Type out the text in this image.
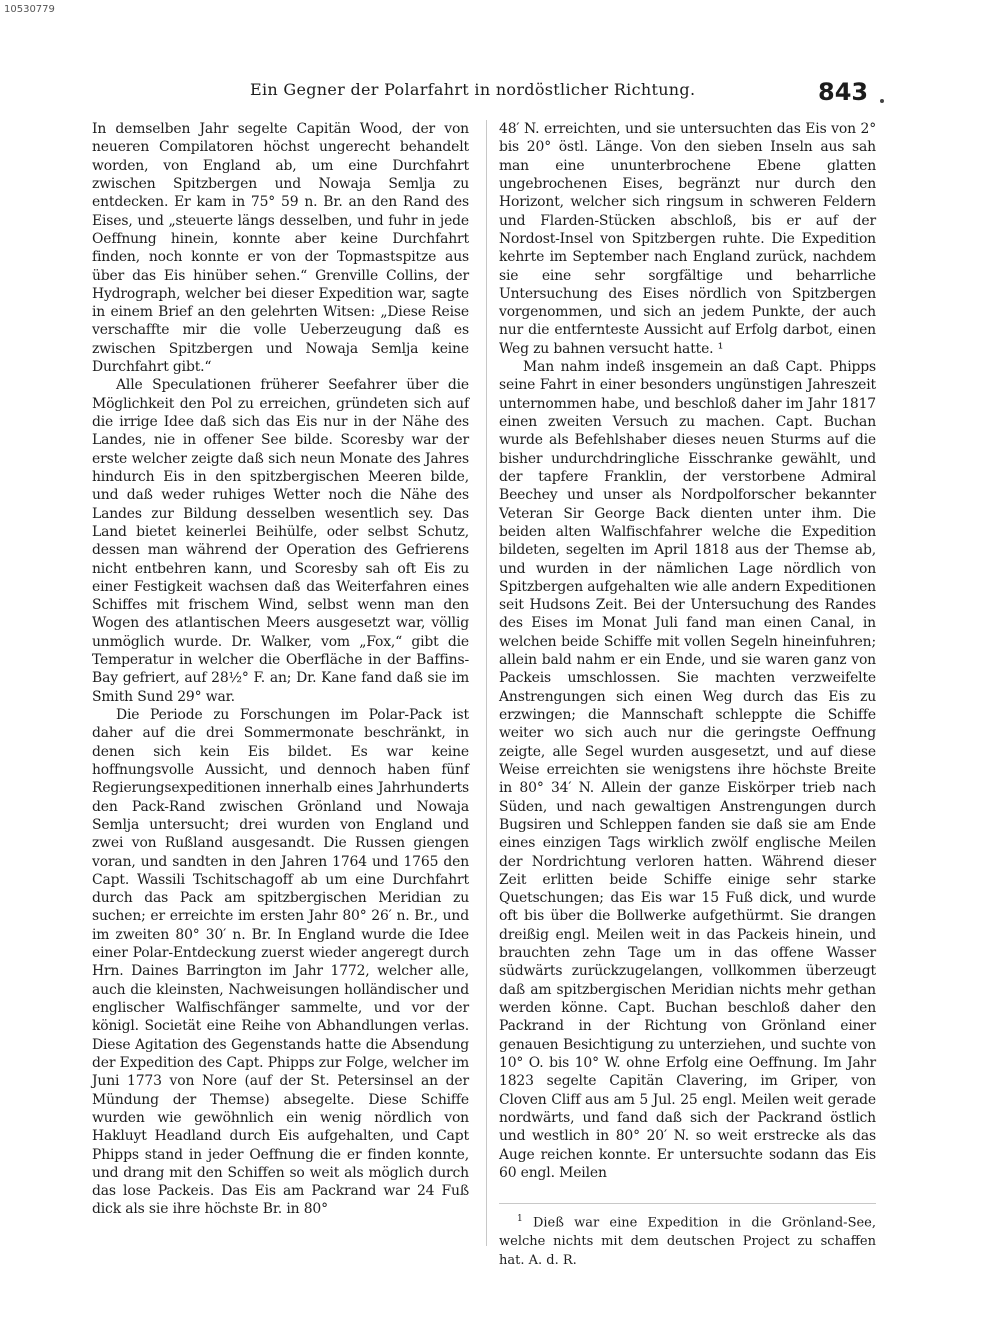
10530779
Ein Gegner der Polarfahrt in nordöstlicher Richtung.	843

In demselben Jahr segelte Capitän Wood, der von neueren Compilatoren höchst ungerecht behandelt worden, von England ab, um eine Durchfahrt zwischen Spitzbergen und Nowaja Semlja zu entdecken. Er kam in 75° 59 n. Br. an den Rand des Eises, und „steuerte längs desselben, und fuhr in jede Oeffnung hinein, konnte aber keine Durchfahrt finden, noch konnte er von der Topmastspitze aus über das Eis hinüber sehen.“ Grenville Collins, der Hydrograph, welcher bei dieser Expedition war, sagte in einem Brief an den gelehrten Witsen: „Diese Reise verschaffte mir die volle Ueberzeugung daß es zwischen Spitzbergen und Nowaja Semlja keine Durchfahrt gibt.“

Alle Speculationen früherer Seefahrer über die Möglichkeit den Pol zu erreichen, gründeten sich auf die irrige Idee daß sich das Eis nur in der Nähe des Landes, nie in offener See bilde. Scoresby war der erste welcher zeigte daß sich neun Monate des Jahres hindurch Eis in den spitzbergischen Meeren bilde, und daß weder ruhiges Wetter noch die Nähe des Landes zur Bildung desselben wesentlich sey. Das Land bietet keinerlei Beihülfe, oder selbst Schutz, dessen man während der Operation des Gefrierens nicht entbehren kann, und Scoresby sah oft Eis zu einer Festigkeit wachsen daß das Weiterfahren eines Schiffes mit frischem Wind, selbst wenn man den Wogen des atlantischen Meers ausgesetzt war, völlig unmöglich wurde. Dr. Walker, vom „Fox,“ gibt die Temperatur in welcher die Oberfläche in der Baffins-Bay gefriert, auf 28½° F. an; Dr. Kane fand daß sie im Smith Sund 29° war.

Die Periode zu Forschungen im Polar-Pack ist daher auf die drei Sommermonate beschränkt, in denen sich kein Eis bildet. Es war keine hoffnungsvolle Aussicht, und dennoch haben fünf Regierungsexpeditionen innerhalb eines Jahrhunderts den Pack-Rand zwischen Grönland und Nowaja Semlja untersucht; drei wurden von England und zwei von Rußland ausgesandt. Die Russen giengen voran, und sandten in den Jahren 1764 und 1765 den Capt. Wassili Tschitschagoff ab um eine Durchfahrt durch das Pack am spitzbergischen Meridian zu suchen; er erreichte im ersten Jahr 80° 26′ n. Br., und im zweiten 80° 30′ n. Br. In England wurde die Idee einer Polar-Entdeckung zuerst wieder angeregt durch Hrn. Daines Barrington im Jahr 1772, welcher alle, auch die kleinsten, Nachweisungen holländischer und englischer Walfischfänger sammelte, und vor der königl. Societät eine Reihe von Abhandlungen verlas. Diese Agitation des Gegenstands hatte die Absendung der Expedition des Capt. Phipps zur Folge, welcher im Juni 1773 von Nore (auf der St. Petersinsel an der Mündung der Themse) absegelte. Diese Schiffe wurden wie gewöhnlich ein wenig nördlich von Hakluyt Headland durch Eis aufgehalten, und Capt Phipps stand in jeder Oeffnung die er finden konnte, und drang mit den Schiffen so weit als möglich durch das lose Packeis. Das Eis am Packrand war 24 Fuß dick als sie ihre höchste Br. in 80°

48′ N. erreichten, und sie untersuchten das Eis von 2° bis 20° östl. Länge. Von den sieben Inseln aus sah man eine ununterbrochene Ebene glatten ungebrochenen Eises, begränzt nur durch den Horizont, welcher sich ringsum in schweren Feldern und Flarden-Stücken abschloß, bis er auf der Nordost-Insel von Spitzbergen ruhte. Die Expedition kehrte im September nach England zurück, nachdem sie eine sehr sorgfältige und beharrliche Untersuchung des Eises nördlich von Spitzbergen vorgenommen, und sich an jedem Punkte, der auch nur die entfernteste Aussicht auf Erfolg darbot, einen Weg zu bahnen versucht hatte. ¹

Man nahm indeß insgemein an daß Capt. Phipps seine Fahrt in einer besonders ungünstigen Jahreszeit unternommen habe, und beschloß daher im Jahr 1817 einen zweiten Versuch zu machen. Capt. Buchan wurde als Befehlshaber dieses neuen Sturms auf die bisher undurchdringliche Eisschranke gewählt, und der tapfere Franklin, der verstorbene Admiral Beechey und unser als Nordpolforscher bekannter Veteran Sir George Back dienten unter ihm. Die beiden alten Walfischfahrer welche die Expedition bildeten, segelten im April 1818 aus der Themse ab, und wurden in der nämlichen Lage nördlich von Spitzbergen aufgehalten wie alle andern Expeditionen seit Hudsons Zeit. Bei der Untersuchung des Randes des Eises im Monat Juli fand man einen Canal, in welchen beide Schiffe mit vollen Segeln hineinfuhren; allein bald nahm er ein Ende, und sie waren ganz von Packeis umschlossen. Sie machten verzweifelte Anstrengungen sich einen Weg durch das Eis zu erzwingen; die Mannschaft schleppte die Schiffe weiter wo sich auch nur die geringste Oeffnung zeigte, alle Segel wurden ausgesetzt, und auf diese Weise erreichten sie wenigstens ihre höchste Breite in 80° 34′ N. Allein der ganze Eiskörper trieb nach Süden, und nach gewaltigen Anstrengungen durch Bugsiren und Schleppen fanden sie daß sie am Ende eines einzigen Tags wirklich zwölf englische Meilen der Nordrichtung verloren hatten. Während dieser Zeit erlitten beide Schiffe einige sehr starke Quetschungen; das Eis war 15 Fuß dick, und wurde oft bis über die Bollwerke aufgethürmt. Sie drangen dreißig engl. Meilen weit in das Packeis hinein, und brauchten zehn Tage um in das offene Wasser südwärts zurückzugelangen, vollkommen überzeugt daß am spitzbergischen Meridian nichts mehr gethan werden könne. Capt. Buchan beschloß daher den Packrand in der Richtung von Grönland einer genauen Besichtigung zu unterziehen, und suchte von 10° O. bis 10° W. ohne Erfolg eine Oeffnung. Im Jahr 1823 segelte Capitän Clavering, im Griper, von Cloven Cliff aus am 5 Jul. 25 engl. Meilen weit gerade nordwärts, und fand daß sich der Packrand östlich und westlich in 80° 20′ N. so weit erstrecke als das Auge reichen konnte. Er untersuchte sodann das Eis 60 engl. Meilen

$^1$ Dieß war eine Expedition in die Grönland-See, welche nichts mit dem deutschen Project zu schaffen hat. A. d. R.
